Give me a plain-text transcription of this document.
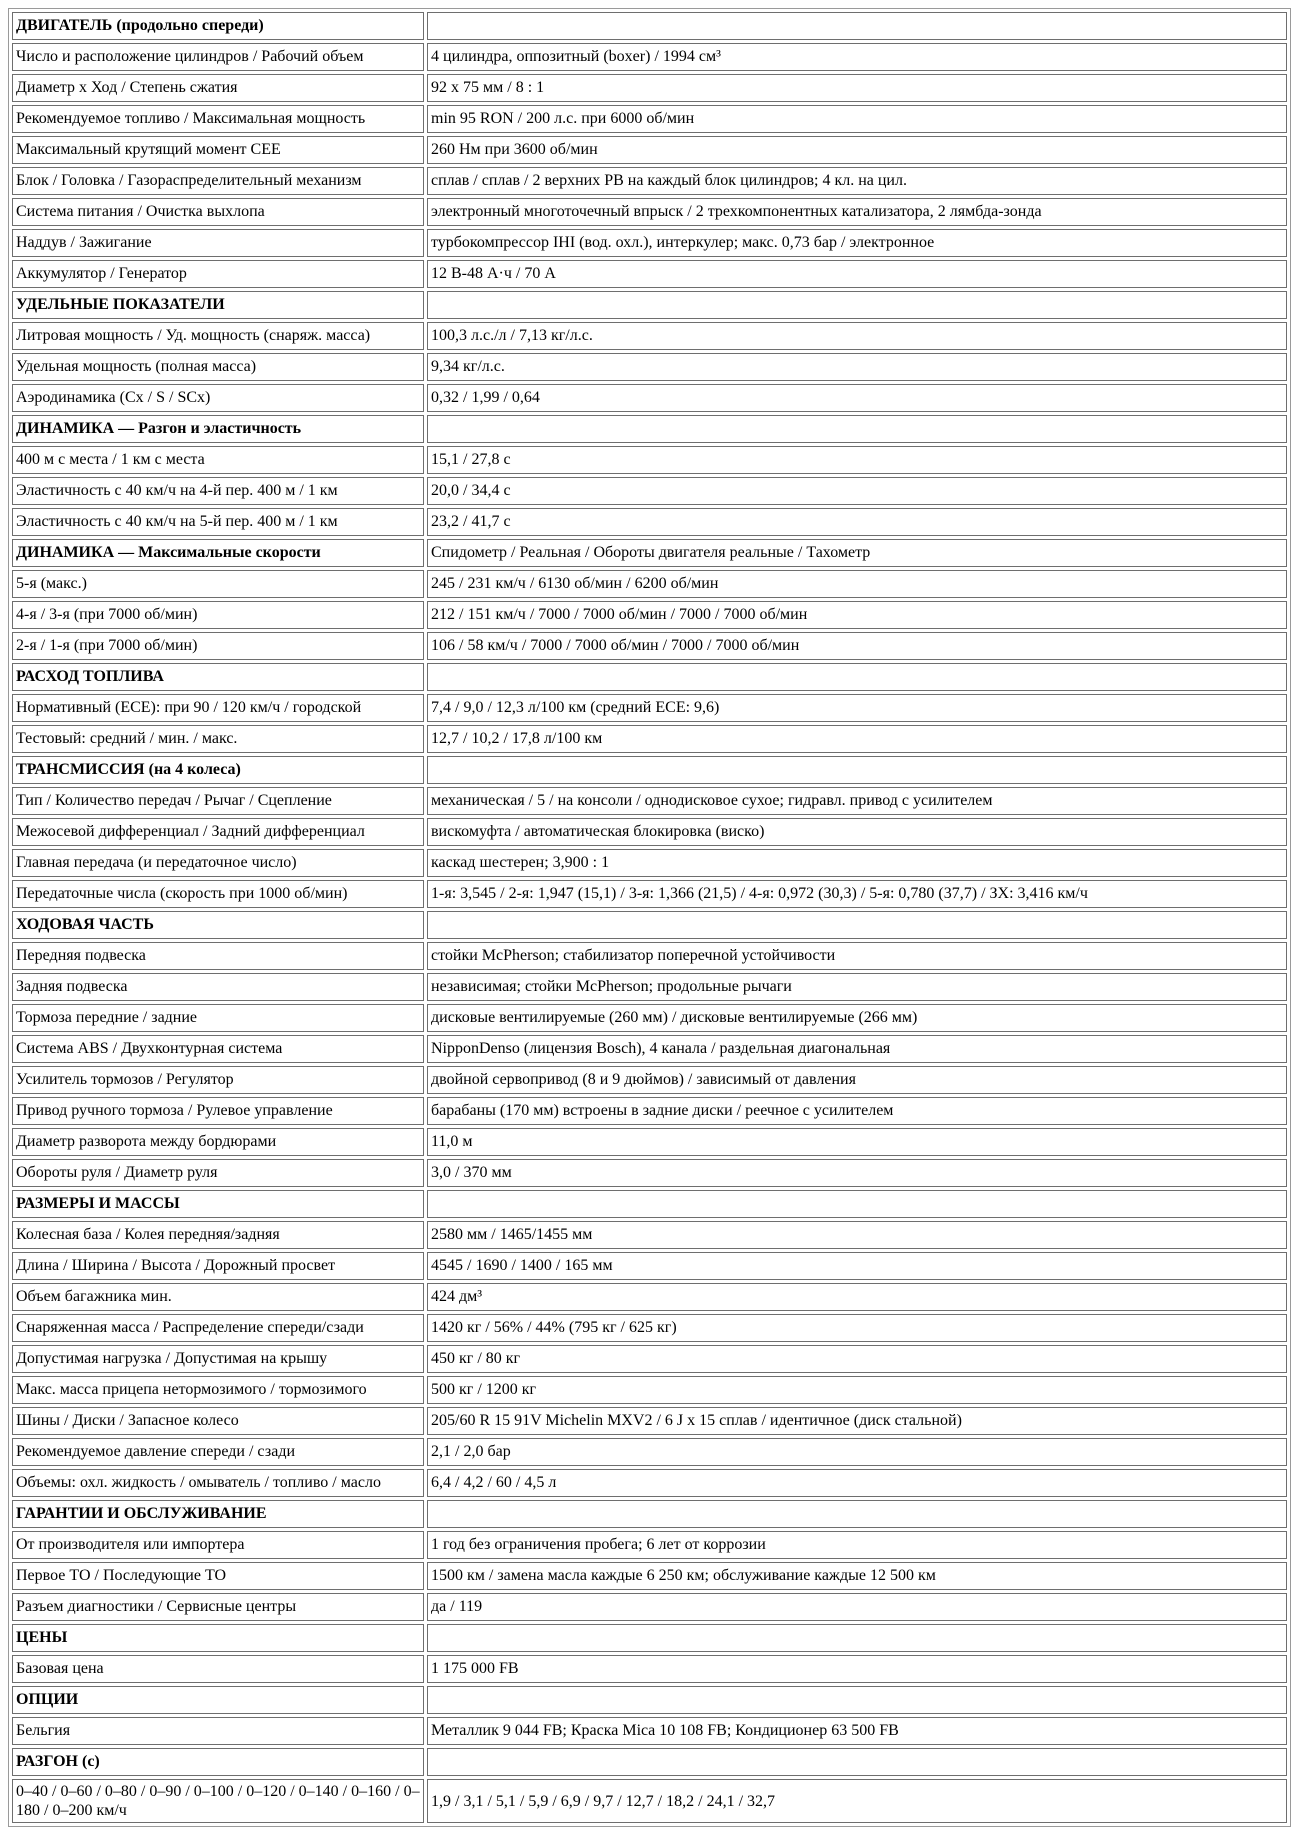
ДВИГАТЕЛЬ (продольно спереди)	
Число и расположение цилиндров / Рабочий объем	4 цилиндра, оппозитный (boxer) / 1994 см³
Диаметр х Ход / Степень сжатия	92 х 75 мм / 8 : 1
Рекомендуемое топливо / Максимальная мощность	min 95 RON / 200 л.с. при 6000 об/мин
Максимальный крутящий момент CEE	260 Нм при 3600 об/мин
Блок / Головка / Газораспределительный механизм	сплав / сплав / 2 верхних РВ на каждый блок цилиндров; 4 кл. на цил.
Система питания / Очистка выхлопа	электронный многоточечный впрыск / 2 трехкомпонентных катализатора, 2 лямбда-зонда
Наддув / Зажигание	турбокомпрессор IHI (вод. охл.), интеркулер; макс. 0,73 бар / электронное
Аккумулятор / Генератор	12 В-48 А·ч / 70 А
УДЕЛЬНЫЕ ПОКАЗАТЕЛИ	
Литровая мощность / Уд. мощность (снаряж. масса)	100,3 л.с./л / 7,13 кг/л.с.
Удельная мощность (полная масса)	9,34 кг/л.с.
Аэродинамика (Cx / S / SCx)	0,32 / 1,99 / 0,64
ДИНАМИКА — Разгон и эластичность	
400 м с места / 1 км с места	15,1 / 27,8 с
Эластичность с 40 км/ч на 4-й пер. 400 м / 1 км	20,0 / 34,4 с
Эластичность с 40 км/ч на 5-й пер. 400 м / 1 км	23,2 / 41,7 с
ДИНАМИКА — Максимальные скорости	Спидометр / Реальная / Обороты двигателя реальные / Тахометр
5-я (макс.)	245 / 231 км/ч / 6130 об/мин / 6200 об/мин
4-я / 3-я (при 7000 об/мин)	212 / 151 км/ч / 7000 / 7000 об/мин / 7000 / 7000 об/мин
2-я / 1-я (при 7000 об/мин)	106 / 58 км/ч / 7000 / 7000 об/мин / 7000 / 7000 об/мин
РАСХОД ТОПЛИВА	
Нормативный (ECE): при 90 / 120 км/ч / городской	7,4 / 9,0 / 12,3 л/100 км (средний ECE: 9,6)
Тестовый: средний / мин. / макс.	12,7 / 10,2 / 17,8 л/100 км
ТРАНСМИССИЯ (на 4 колеса)	
Тип / Количество передач / Рычаг / Сцепление	механическая / 5 / на консоли / однодисковое сухое; гидравл. привод с усилителем
Межосевой дифференциал / Задний дифференциал	вискомуфта / автоматическая блокировка (виско)
Главная передача (и передаточное число)	каскад шестерен; 3,900 : 1
Передаточные числа (скорость при 1000 об/мин)	1-я: 3,545 / 2-я: 1,947 (15,1) / 3-я: 1,366 (21,5) / 4-я: 0,972 (30,3) / 5-я: 0,780 (37,7) / ЗХ: 3,416 км/ч
ХОДОВАЯ ЧАСТЬ	
Передняя подвеска	стойки McPherson; стабилизатор поперечной устойчивости
Задняя подвеска	независимая; стойки McPherson; продольные рычаги
Тормоза передние / задние	дисковые вентилируемые (260 мм) / дисковые вентилируемые (266 мм)
Система ABS / Двухконтурная система	NipponDenso (лицензия Bosch), 4 канала / раздельная диагональная
Усилитель тормозов / Регулятор	двойной сервопривод (8 и 9 дюймов) / зависимый от давления
Привод ручного тормоза / Рулевое управление	барабаны (170 мм) встроены в задние диски / реечное с усилителем
Диаметр разворота между бордюрами	11,0 м
Обороты руля / Диаметр руля	3,0 / 370 мм
РАЗМЕРЫ И МАССЫ	
Колесная база / Колея передняя/задняя	2580 мм / 1465/1455 мм
Длина / Ширина / Высота / Дорожный просвет	4545 / 1690 / 1400 / 165 мм
Объем багажника мин.	424 дм³
Снаряженная масса / Распределение спереди/сзади	1420 кг / 56% / 44% (795 кг / 625 кг)
Допустимая нагрузка / Допустимая на крышу	450 кг / 80 кг
Макс. масса прицепа нетормозимого / тормозимого	500 кг / 1200 кг
Шины / Диски / Запасное колесо	205/60 R 15 91V Michelin MXV2 / 6 J x 15 сплав / идентичное (диск стальной)
Рекомендуемое давление спереди / сзади	2,1 / 2,0 бар
Объемы: охл. жидкость / омыватель / топливо / масло	6,4 / 4,2 / 60 / 4,5 л
ГАРАНТИИ И ОБСЛУЖИВАНИЕ	
От производителя или импортера	1 год без ограничения пробега; 6 лет от коррозии
Первое ТО / Последующие ТО	1500 км / замена масла каждые 6 250 км; обслуживание каждые 12 500 км
Разъем диагностики / Сервисные центры	да / 119
ЦЕНЫ	
Базовая цена	1 175 000 FB
ОПЦИИ	
Бельгия	Металлик 9 044 FB; Краска Mica 10 108 FB; Кондиционер 63 500 FB
РАЗГОН (с)	
0–40 / 0–60 / 0–80 / 0–90 / 0–100 / 0–120 / 0–140 / 0–160 / 0–180 / 0–200 км/ч	1,9 / 3,1 / 5,1 / 5,9 / 6,9 / 9,7 / 12,7 / 18,2 / 24,1 / 32,7
